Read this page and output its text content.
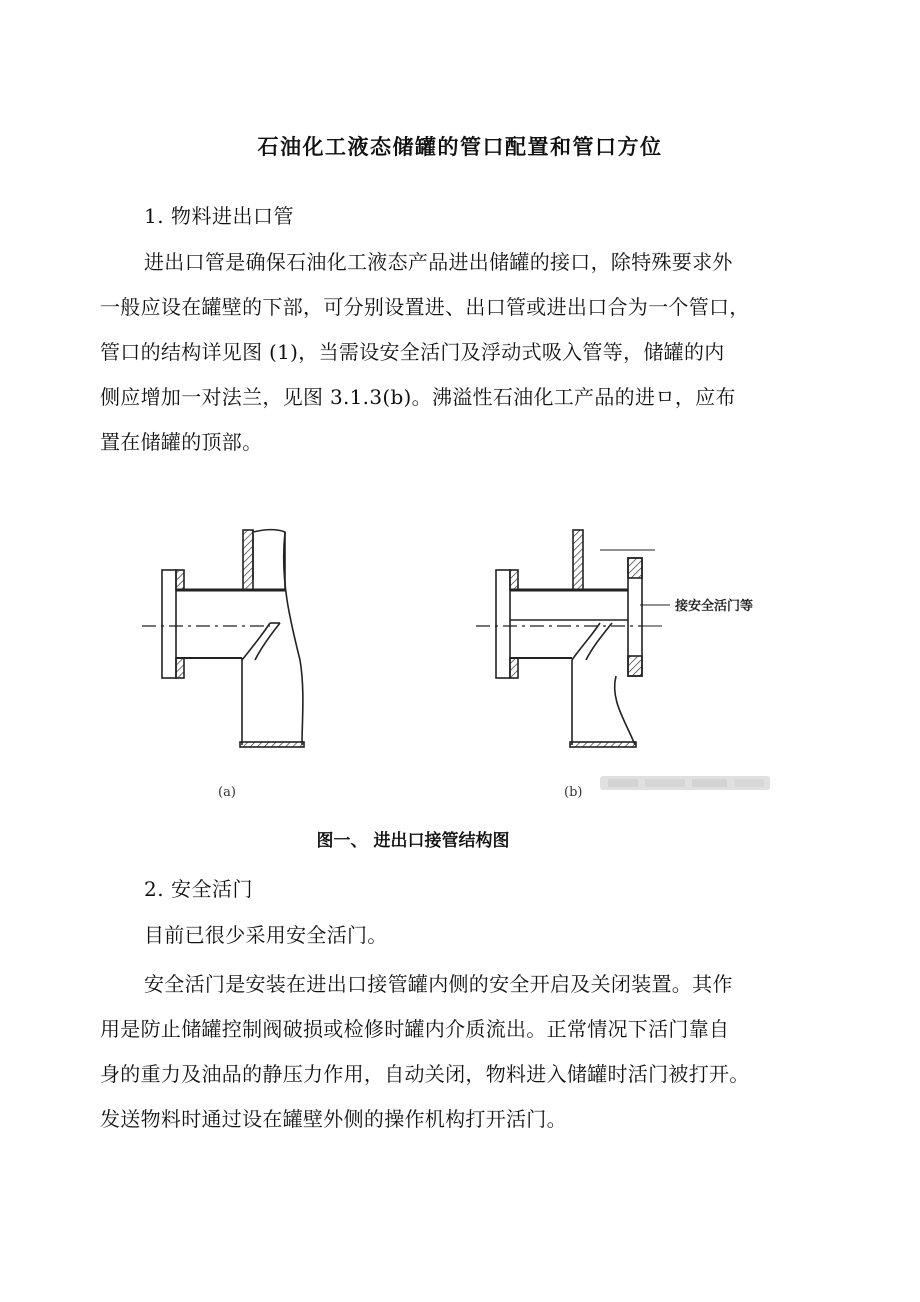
石油化工液态储罐的管口配置和管口方位
1. 物料进出口管
进出口管是确保石油化工液态产品进出储罐的接口，除特殊要求外
一般应设在罐壁的下部，可分别设置进、出口管或进出口合为一个管口，
管口的结构详见图 (1)，当需设安全活门及浮动式吸入管等，储罐的内
侧应增加一对法兰，见图 3.1.3(b)。沸溢性石油化工产品的进ㅁ，应布
置在储罐的顶部。
接安全活门等
(a)	(b)
图一、 进出口接管结构图
2. 安全活门
目前已很少采用安全活门。
安全活门是安装在进出口接管罐内侧的安全开启及关闭装置。其作
用是防止储罐控制阀破损或检修时罐内介质流出。正常情况下活门靠自
身的重力及油品的静压力作用，自动关闭，物料进入储罐时活门被打开。
发送物料时通过设在罐壁外侧的操作机构打开活门。
